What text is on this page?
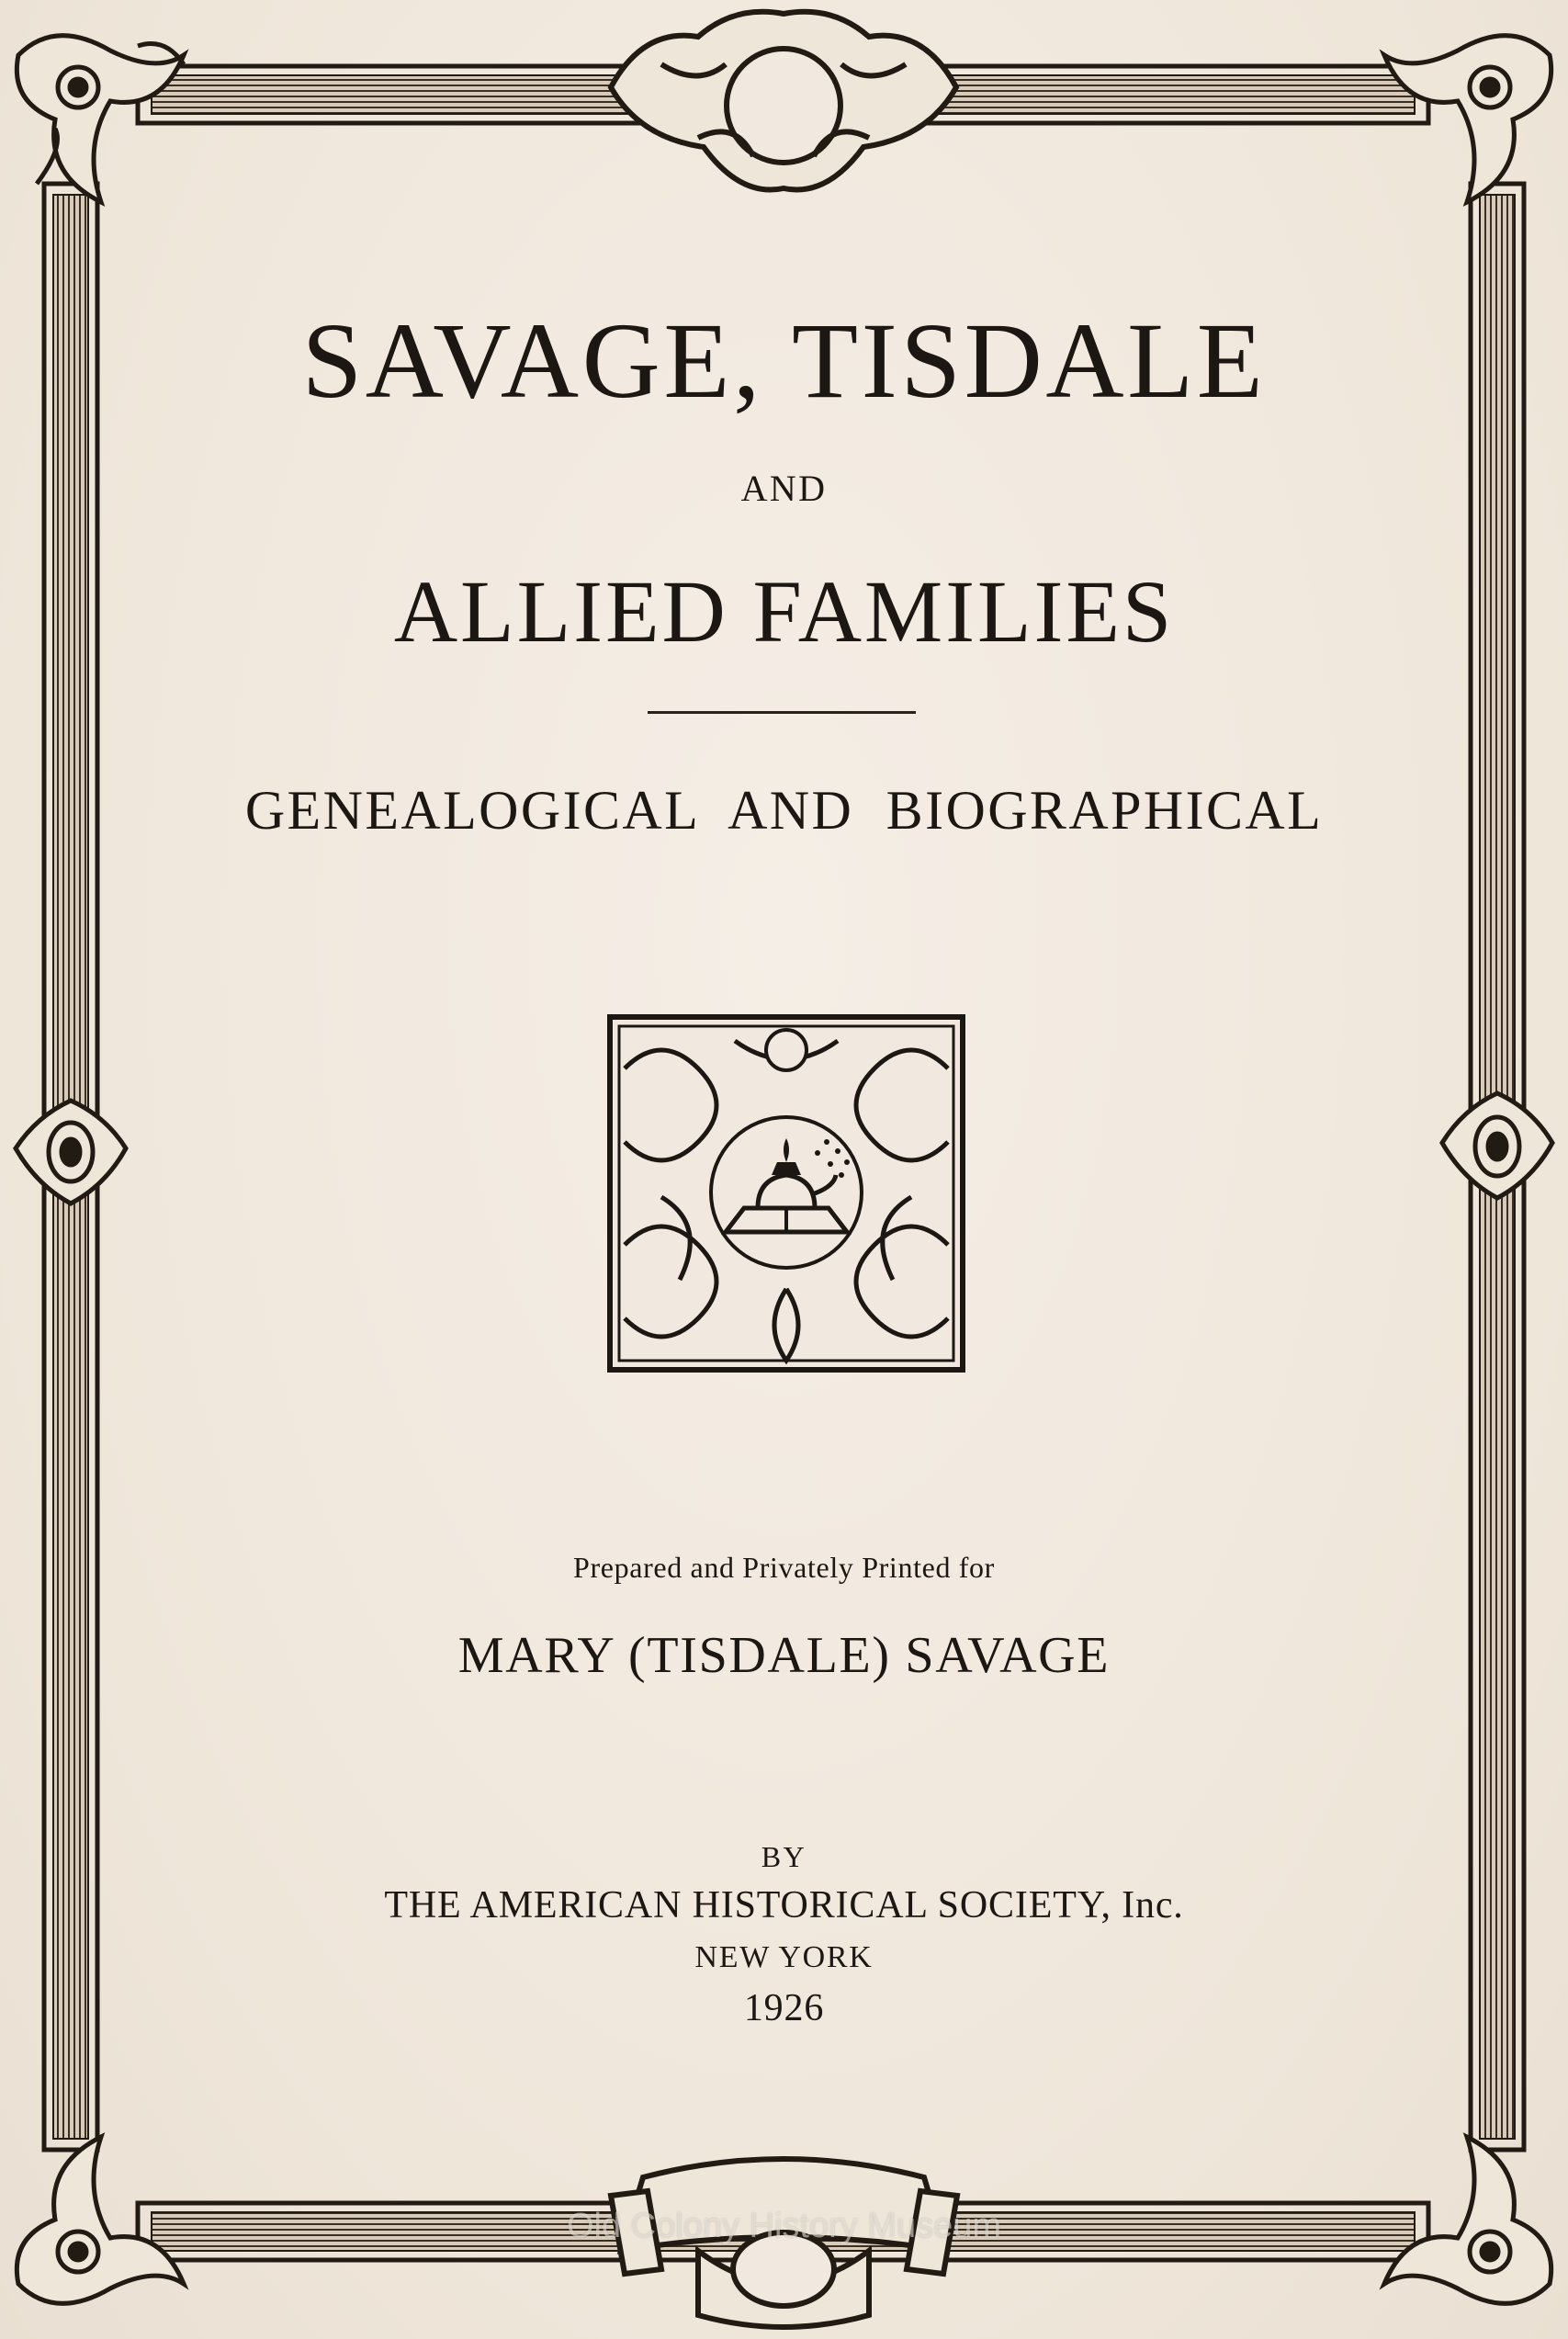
SAVAGE, TISDALE
AND
ALLIED FAMILIES
GENEALOGICAL AND BIOGRAPHICAL
Prepared and Privately Printed for
MARY (TISDALE) SAVAGE
BY
THE AMERICAN HISTORICAL SOCIETY, Inc.
NEW YORK
1926
Old Colony History Museum
